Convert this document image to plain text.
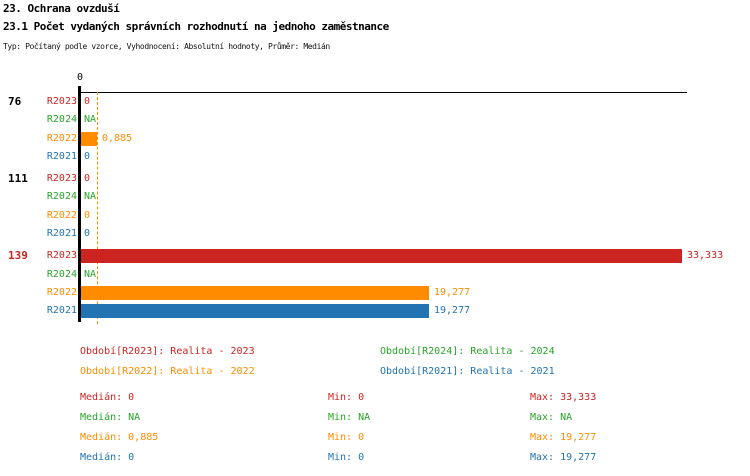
23. Ochrana ovzduší
23.1 Počet vydaných správních rozhodnutí na jednoho zaměstnance
Typ: Počítaný podle vzorce, Vyhodnocení: Absolutní hodnoty, Průměr: Medián
0
76	R2023 0
R2024 NA
R2022	0,885
R2021 0
111	R2023 0
R2024 NA
R2022 0
R2021 0
139	R2023	33,333
R2024 NA
R2022	19,277
R2021	19,277
Období[R2023]: Realita - 2023	Období[R2024]: Realita - 2024
Období[R2022]: Realita - 2022	Období[R2021]: Realita - 2021
Medián: 0	Min: 0	Max: 33,333
Medián: NA	Min: NA	Max: NA
Medián: 0,885	Min: 0	Max: 19,277
Medián: 0	Min: 0	Max: 19,277
